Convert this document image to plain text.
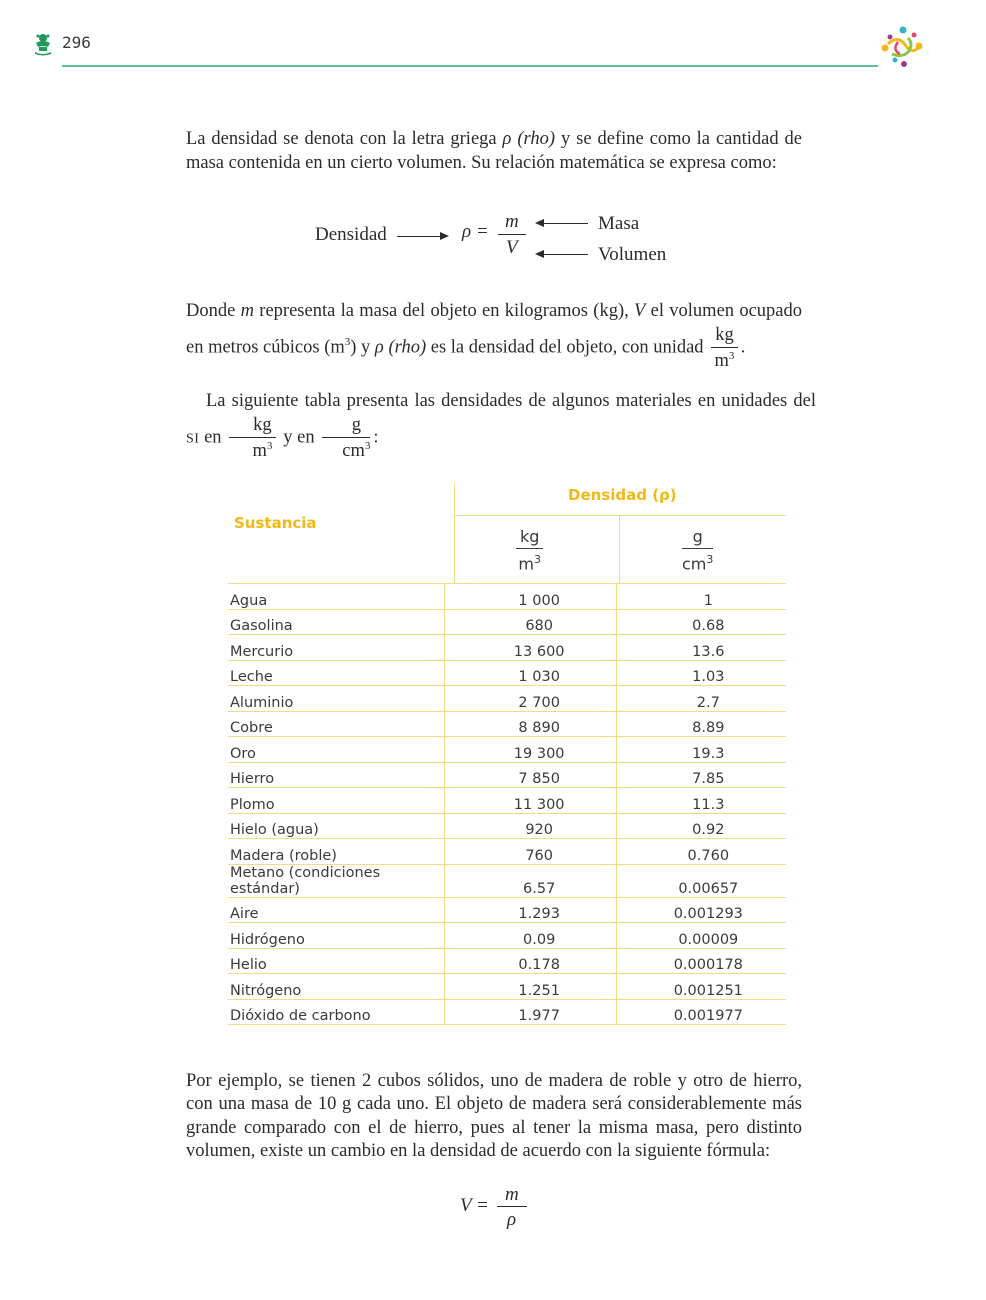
296

La densidad se denota con la letra griega ρ (rho) y se define como la cantidad de masa contenida en un cierto volumen. Su relación matemática se expresa como:

Densidad	ρ = m
V
Masa
Volumen

Donde m representa la masa del objeto en kilogramos (kg), V el volumen ocupado en metros cúbicos $(m^3)$ y ρ (rho) es la densidad del objeto, con unidad $\frac{kg}{m^3}$ .

La siguiente tabla presenta las densidades de algunos materiales en unidades del SI en $\frac{kg}{m^3}$ y en $\frac{g}{cm^3}$ :

Densidad (ρ)
Sustancia
$\frac{kg}{m^3}$	$\frac{g}{cm^3}$
Agua	1 000	1
Gasolina	680	0.68
Mercurio	13 600	13.6
Leche	1 030	1.03
Aluminio	2 700	2.7
Cobre	8 890	8.89
Oro	19 300	19.3
Hierro	7 850	7.85
Plomo	11 300	11.3
Hielo (agua)	920	0.92
Madera (roble)	760	0.760
Metano (condiciones estándar)	6.57	0.00657
Aire	1.293	0.001293
Hidrógeno	0.09	0.00009
Helio	0.178	0.000178
Nitrógeno	1.251	0.001251
Dióxido de carbono	1.977	0.001977

Por ejemplo, se tienen 2 cubos sólidos, uno de madera de roble y otro de hierro, con una masa de 10 g cada uno. El objeto de madera será considerablemente más grande comparado con el de hierro, pues al tener la misma masa, pero distinto volumen, existe un cambio en la densidad de acuerdo con la siguiente fórmula:

V =
m
ρ
